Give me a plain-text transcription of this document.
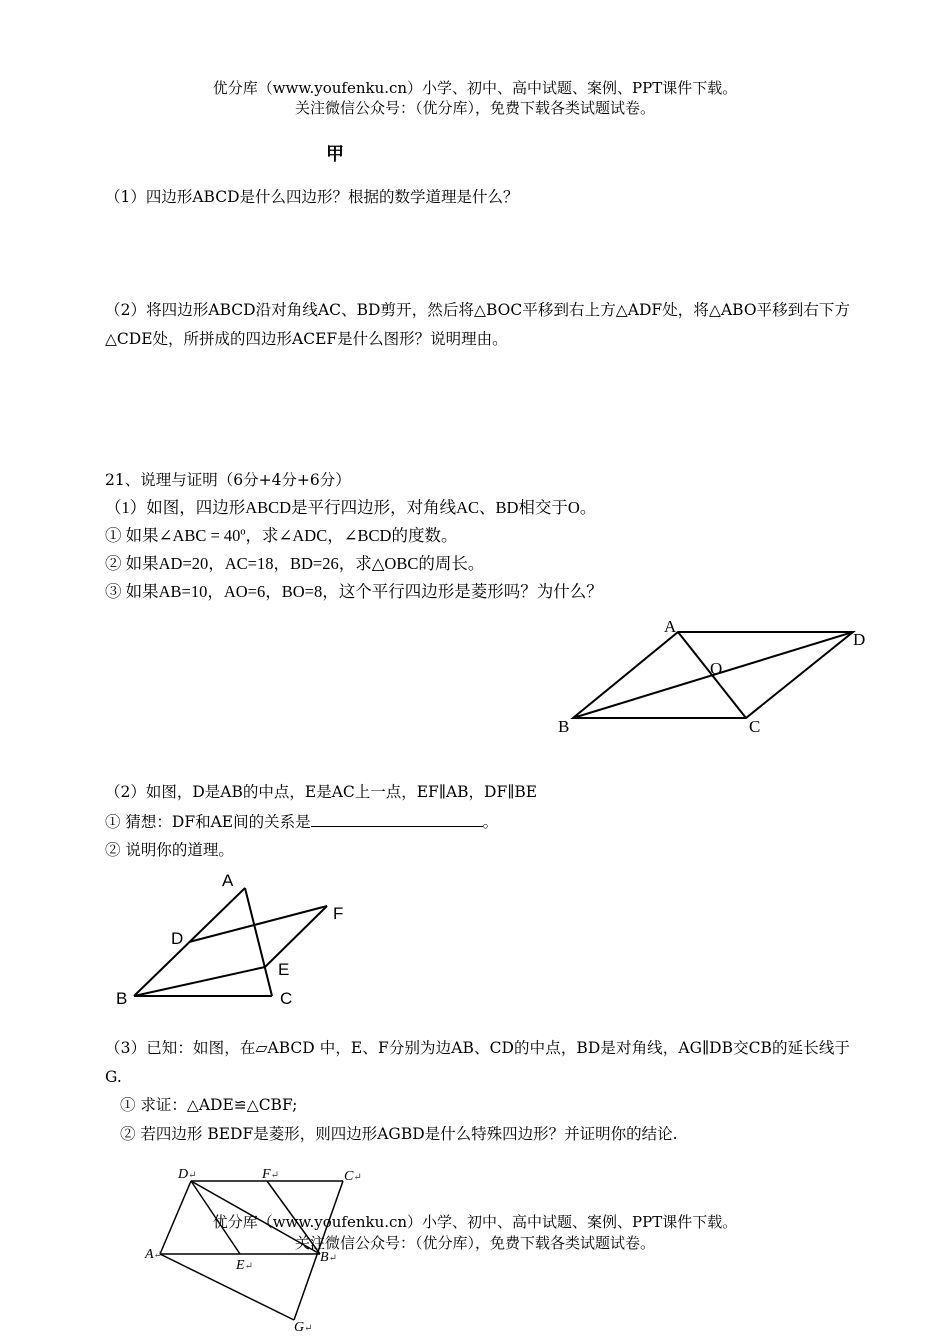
优分库（www.youfenku.cn）小学、初中、高中试题、案例、PPT课件下载。
关注微信公众号：（优分库），免费下载各类试题试卷。
甲
（1）四边形ABCD是什么四边形？根据的数学道理是什么？
（2）将四边形ABCD沿对角线AC、BD剪开，然后将△BOC平移到右上方△ADF处，将△ABO平移到右下方△CDE处，所拼成的四边形ACEF是什么图形？说明理由。
21、说理与证明（6分+4分+6分）
（1）如图，四边形ABCD是平行四边形，对角线AC、BD相交于O。
① 如果∠ABC = 40º，求∠ADC，∠BCD的度数。
② 如果AD=20，AC=18，BD=26，求△OBC的周长。
③ 如果AB=10，AO=6，BO=8，这个平行四边形是菱形吗？为什么？
A
D
O
B	C
（2）如图，D是AB的中点，E是AC上一点，EF∥AB，DF∥BE
① 猜想：DF和AE间的关系是	。
② 说明你的道理。
A
D
F
E
B	C
（3）已知：如图，在▱ABCD 中，E、F分别为边AB、CD的中点，BD是对角线，AG∥DB交CB的延长线于G.
① 求证：△ADE≌△CBF;
② 若四边形 BEDF是菱形，则四边形AGBD是什么特殊四边形？并证明你的结论.
D↵	F↵	C↵
A↵
E↵
B↵
G↵
优分库（www.youfenku.cn）小学、初中、高中试题、案例、PPT课件下载。
关注微信公众号：（优分库），免费下载各类试题试卷。
